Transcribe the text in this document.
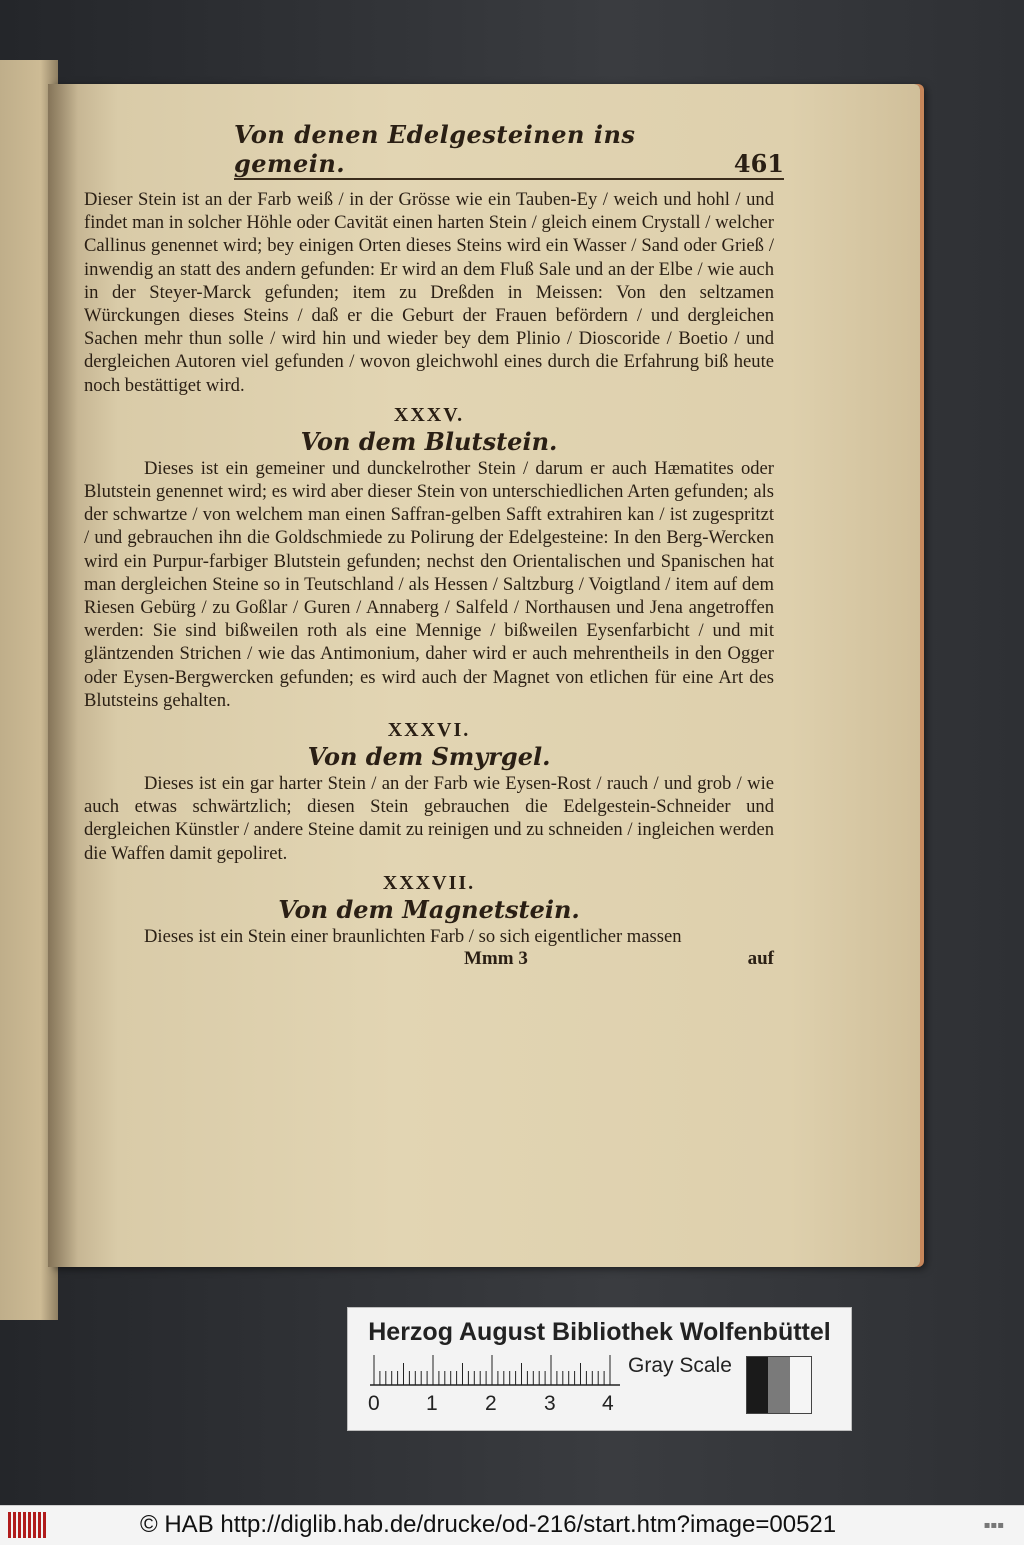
Von denen Edelgesteinen ins gemein.	461

Dieser Stein ist an der Farb weiß / in der Grösse wie ein Tauben-Ey / weich und hohl / und findet man in solcher Höhle oder Cavität einen harten Stein / gleich einem Crystall / welcher Callinus genennet wird; bey einigen Orten dieses Steins wird ein Wasser / Sand oder Grieß / inwendig an statt des andern gefunden: Er wird an dem Fluß Sale und an der Elbe / wie auch in der Steyer-Marck gefunden; item zu Dreßden in Meissen: Von den seltzamen Würckungen dieses Steins / daß er die Geburt der Frauen befördern / und dergleichen Sachen mehr thun solle / wird hin und wieder bey dem Plinio / Dioscoride / Boetio / und dergleichen Autoren viel gefunden / wovon gleichwohl eines durch die Erfahrung biß heute noch bestättiget wird.

XXXV.
Von dem Blutstein.

Dieses ist ein gemeiner und dunckelrother Stein / darum er auch Hæmatites oder Blutstein genennet wird; es wird aber dieser Stein von unterschiedlichen Arten gefunden; als der schwartze / von welchem man einen Saffran-gelben Safft extrahiren kan / ist zugespritzt / und gebrauchen ihn die Goldschmiede zu Polirung der Edelgesteine: In den Berg-Wercken wird ein Purpur-farbiger Blutstein gefunden; nechst den Orientalischen und Spanischen hat man dergleichen Steine so in Teutschland / als Hessen / Saltzburg / Voigtland / item auf dem Riesen Gebürg / zu Goßlar / Guren / Annaberg / Salfeld / Northausen und Jena angetroffen werden: Sie sind bißweilen roth als eine Mennige / bißweilen Eysenfarbicht / und mit gläntzenden Strichen / wie das Antimonium, daher wird er auch mehrentheils in den Ogger oder Eysen-Bergwercken gefunden; es wird auch der Magnet von etlichen für eine Art des Blutsteins gehalten.

XXXVI.
Von dem Smyrgel.

Dieses ist ein gar harter Stein / an der Farb wie Eysen-Rost / rauch / und grob / wie auch etwas schwärtzlich; diesen Stein gebrauchen die Edelgestein-Schneider und dergleichen Künstler / andere Steine damit zu reinigen und zu schneiden / ingleichen werden die Waffen damit gepoliret.

XXXVII.
Von dem Magnetstein.

Dieses ist ein Stein einer braunlichten Farb / so sich eigentlicher massen

Mmm 3	auf
Herzog August Bibliothek Wolfenbüttel
0 1 2 3 4
Gray Scale
© HAB http://diglib.hab.de/drucke/od-216/start.htm?image=00521	▪▪▪
